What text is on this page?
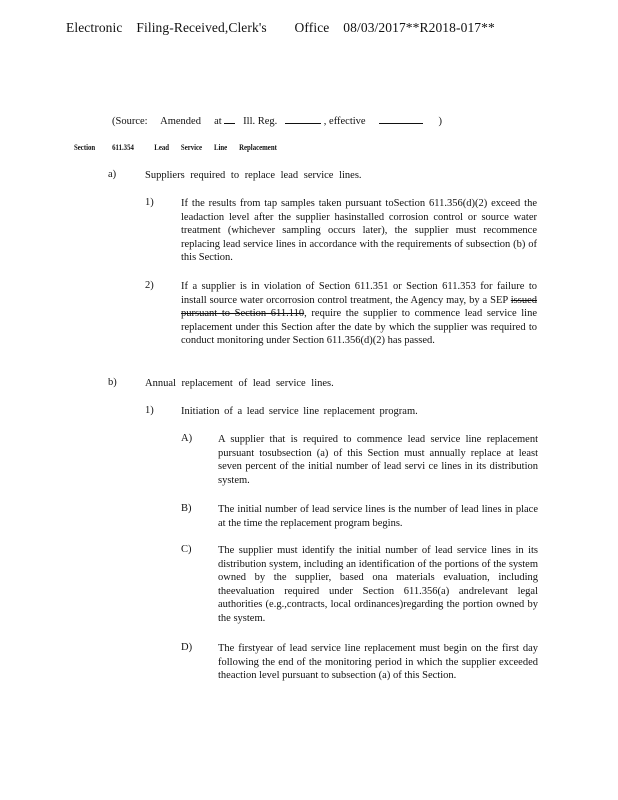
Electronic Filing-Received,Clerk's Office 08/03/2017**R2018-017**
(Source: Amended at Ill. Reg.	, effective	)
Section 611.354	Lead Service Line Replacement
a)	Suppliers required to replace lead service lines.
1)	If the results from tap samples taken pursuant toSection 611.356(d)(2) exceed the leadaction level after the supplier hasinstalled corrosion control or source water treatment (whichever sampling occurs later), the supplier must recommence replacing lead service lines in accordance with the requirements of subsection (b) of this Section.
2)	If a supplier is in violation of Section 611.351 or Section 611.353 for failure to install source water orcorrosion control treatment, the Agency may, by a SEP issued pursuant to Section 611.110, require the supplier to commence lead service line replacement under this Section after the date by which the supplier was required to conduct monitoring under Section 611.356(d)(2) has passed.
b)	Annual replacement of lead service lines.
1)	Initiation of a lead service line replacement program.
A) A supplier that is required to commence lead service line replacement pursuant tosubsection (a) of this Section must annually replace at least seven percent of the initial number of lead servi ce lines in its distribution system.
B)	The initial number of lead service lines is the number of lead lines in place at the time the replacement program begins.
C)	The supplier must identify the initial number of lead service lines in its distribution system, including an identification of the portions of the system owned by the supplier, based ona materials evaluation, including theevaluation required under Section 611.356(a) andrelevant legal authorities (e.g.,contracts, local ordinances)regarding the portion owned by the system.
D) The firstyear of lead service line replacement must begin on the first day following the end of the monitoring period in which the supplier exceeded theaction level pursuant to subsection (a) of this Section.
